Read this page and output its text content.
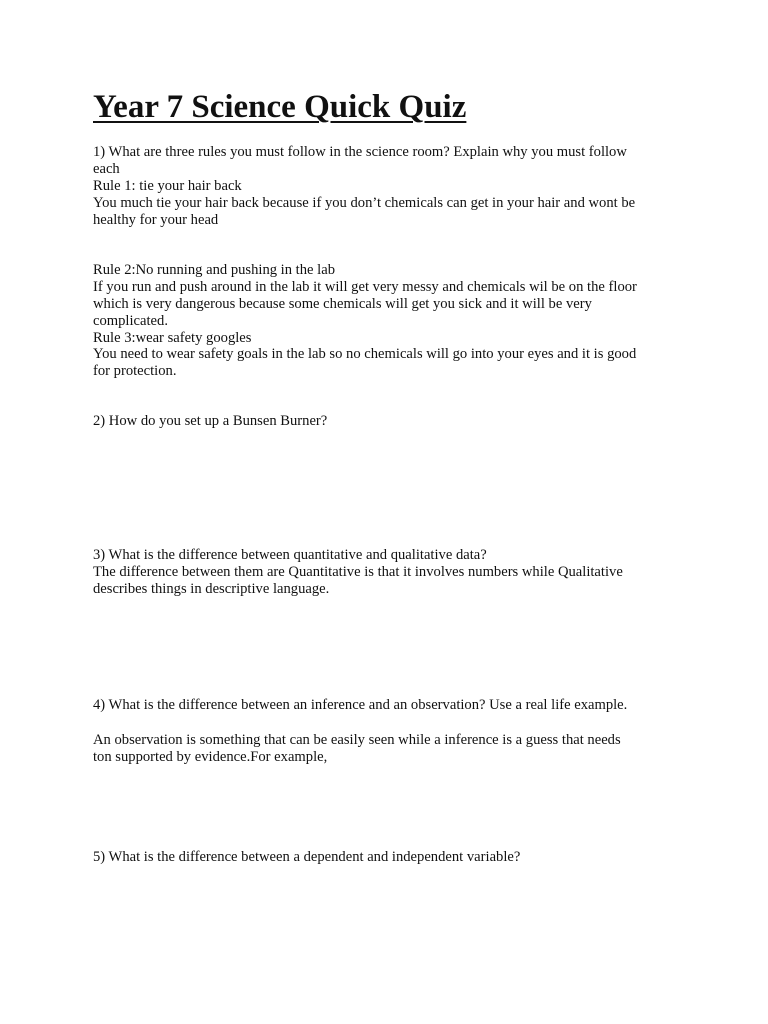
Year 7 Science Quick Quiz

1) What are three rules you must follow in the science room? Explain why you must follow

each

Rule 1: tie your hair back

You much tie your hair back because if you don’t chemicals can get in your hair and wont be

healthy for your head

Rule 2:No running and pushing in the lab

If you run and push around in the lab it will get very messy and chemicals wil be on the floor

which is very dangerous because some chemicals will get you sick and it will be very

complicated.

Rule 3:wear safety googles

You need to wear safety goals in the lab so no chemicals will go into your eyes and it is good

for protection.

2) How do you set up a Bunsen Burner?

3) What is the difference between quantitative and qualitative data?

The difference between them are Quantitative is that it involves numbers while Qualitative

describes things in descriptive language.

4) What is the difference between an inference and an observation? Use a real life example.

An observation is something that can be easily seen while a inference is a guess that needs

ton supported by evidence.For example,

5) What is the difference between a dependent and independent variable?
